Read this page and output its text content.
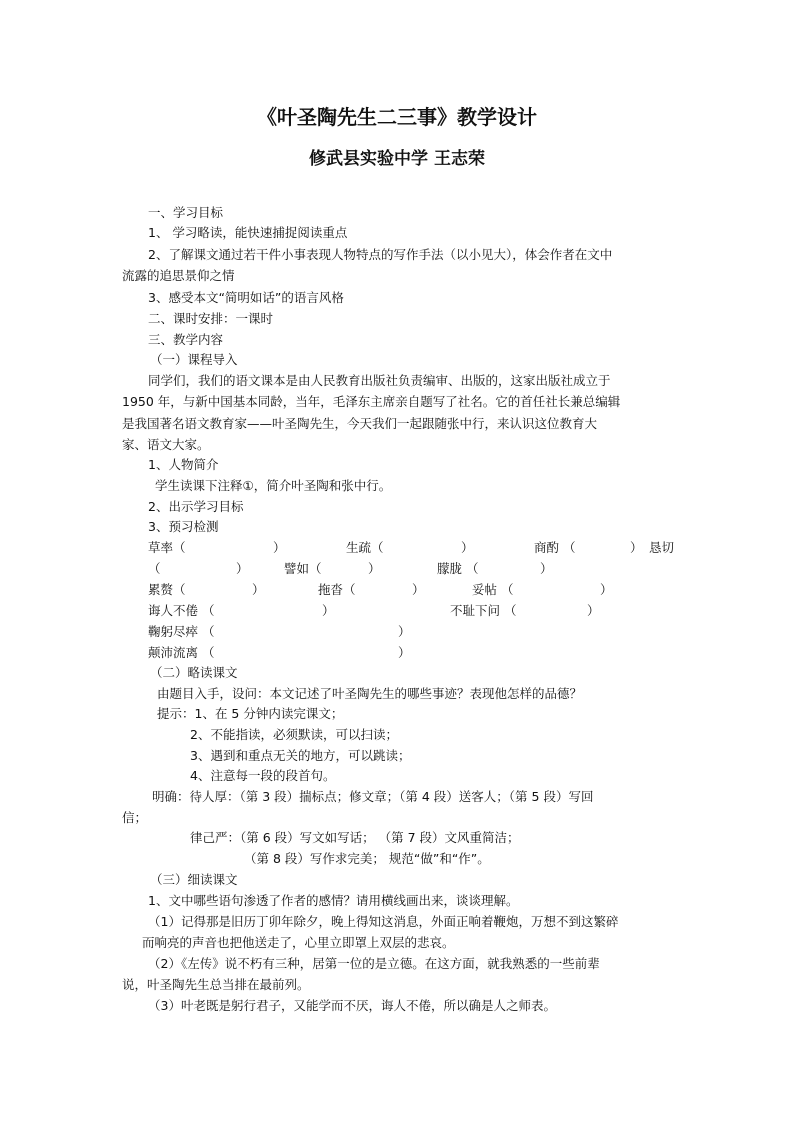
《叶圣陶先生二三事》教学设计
修武县实验中学 王志荣
一、学习目标
1、 学习略读，能快速捕捉阅读重点
2、了解课文通过若干件小事表现人物特点的写作手法（以小见大），体会作者在文中
流露的追思景仰之情
3、感受本文“简明如话”的语言风格
二、课时安排：一课时
三、教学内容
（一）课程导入
同学们，我们的语文课本是由人民教育出版社负责编审、出版的，这家出版社成立于
1950 年，与新中国基本同龄，当年，毛泽东主席亲自题写了社名。它的首任社长兼总编辑
是我国著名语文教育家——叶圣陶先生，今天我们一起跟随张中行，来认识这位教育大
家、语文大家。
1、人物简介
学生读课下注释①，简介叶圣陶和张中行。
2、出示学习目标
3、预习检测
草率（	）	生疏（	）	商酌 （	） 恳切
（	）	譬如（	）	朦胧 （	）
累赘（	）	拖沓（	）	妥帖 （	）
诲人不倦 （	）	不耻下问 （	）
鞠躬尽瘁 （	）
颠沛流离 （	）
（二）略读课文
由题目入手，设问：本文记述了叶圣陶先生的哪些事迹？表现他怎样的品德？
提示：1、在 5 分钟内读完课文；
2、不能指读，必须默读，可以扫读；
3、遇到和重点无关的地方，可以跳读；
4、注意每一段的段首句。
明确：待人厚：（第 3 段）揣标点；修文章；（第 4 段）送客人；（第 5 段）写回
信；
律己严：（第 6 段）写文如写话； （第 7 段）文风重简洁；
（第 8 段）写作求完美； 规范“做”和“作”。
（三）细读课文
1、文中哪些语句渗透了作者的感情？请用横线画出来，谈谈理解。
（1）记得那是旧历丁卯年除夕，晚上得知这消息，外面正响着鞭炮，万想不到这繁碎
而响亮的声音也把他送走了，心里立即罩上双层的悲哀。
（2）《左传》说不朽有三种，居第一位的是立德。在这方面，就我熟悉的一些前辈
说，叶圣陶先生总当排在最前列。
（3）叶老既是躬行君子，又能学而不厌，诲人不倦，所以确是人之师表。
